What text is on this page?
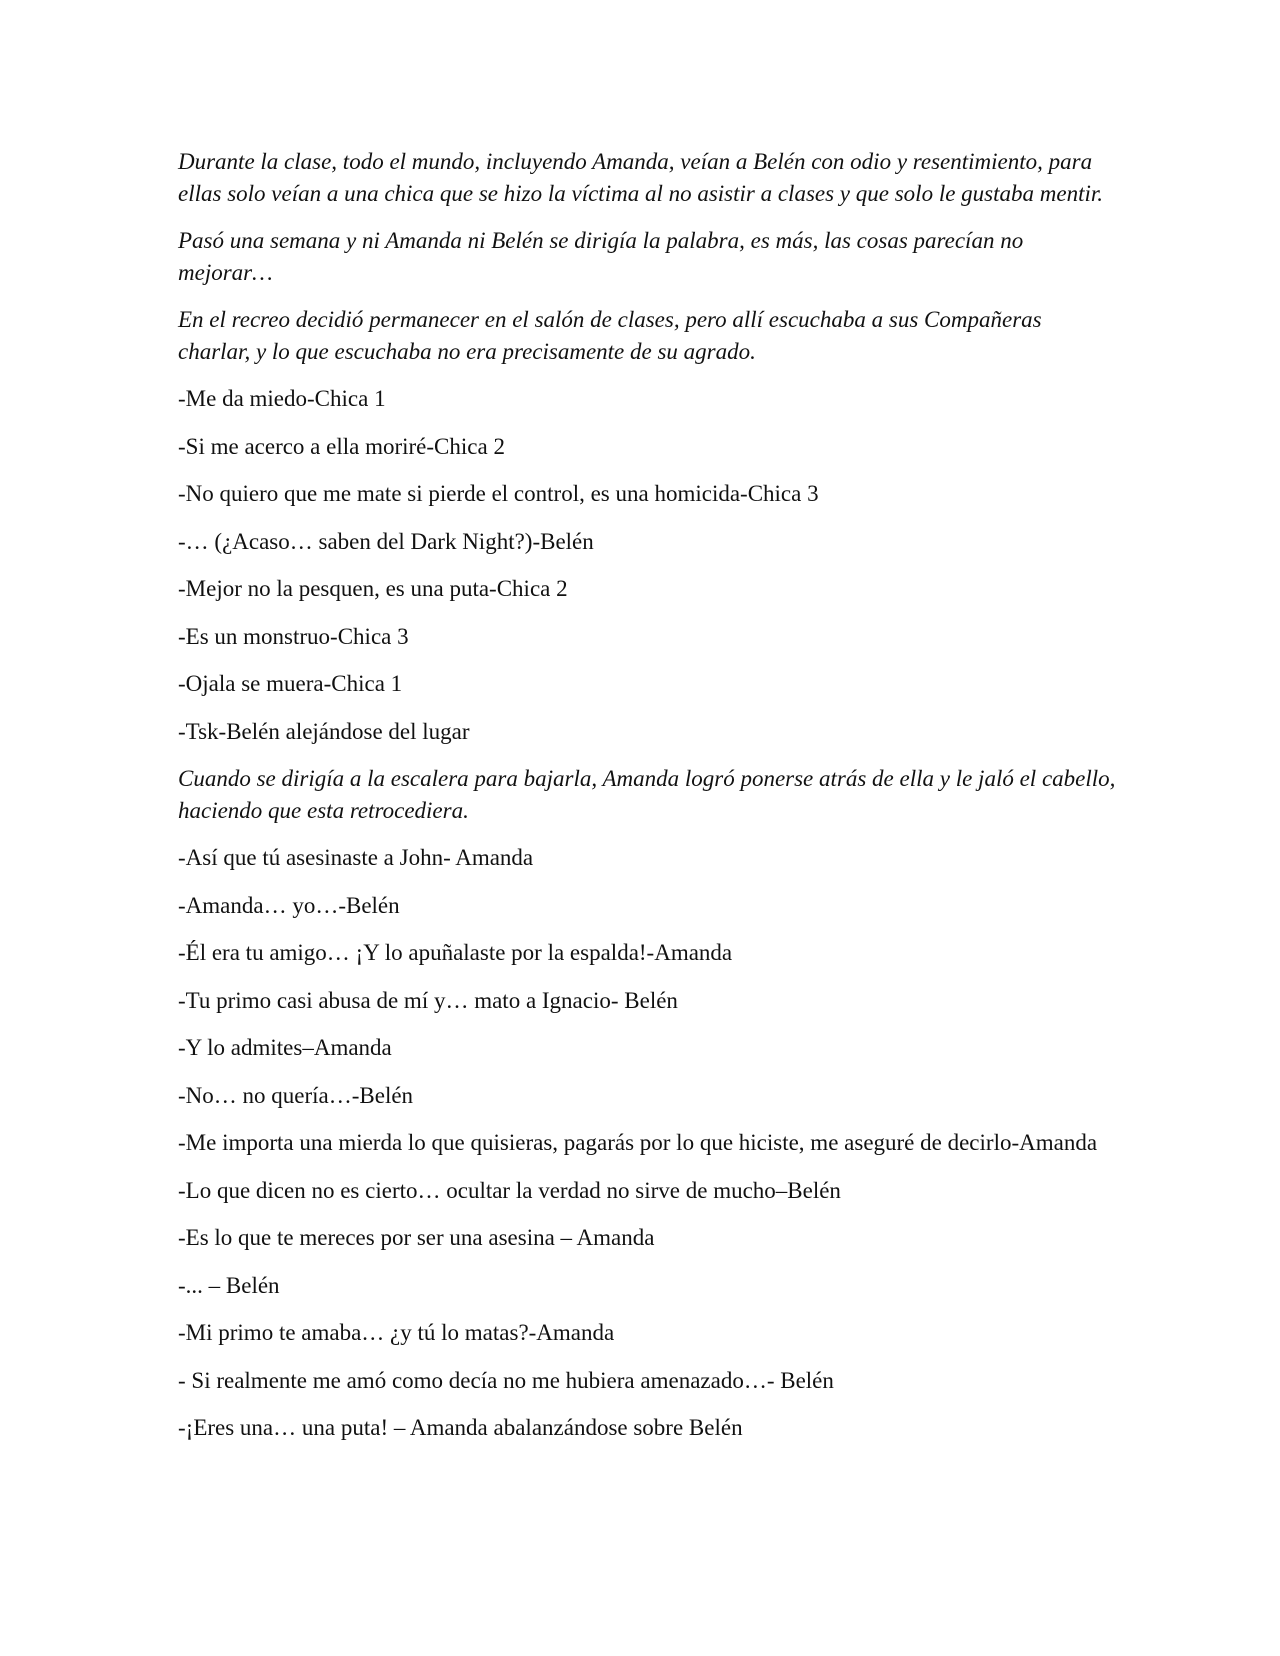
Durante la clase, todo el mundo, incluyendo Amanda, veían a Belén con odio y resentimiento, para ellas solo veían a una chica que se hizo la víctima al no asistir a clases y que solo le gustaba mentir.

Pasó una semana y ni Amanda ni Belén se dirigía la palabra, es más, las cosas parecían no mejorar…

En el recreo decidió permanecer en el salón de clases, pero allí escuchaba a sus Compañeras charlar, y lo que escuchaba no era precisamente de su agrado.

-Me da miedo-Chica 1

-Si me acerco a ella moriré-Chica 2

-No quiero que me mate si pierde el control, es una homicida-Chica 3

-… (¿Acaso… saben del Dark Night?)-Belén

-Mejor no la pesquen, es una puta-Chica 2

-Es un monstruo-Chica 3

-Ojala se muera-Chica 1

-Tsk-Belén alejándose del lugar

Cuando se dirigía a la escalera para bajarla, Amanda logró ponerse atrás de ella y le jaló el cabello, haciendo que esta retrocediera.

-Así que tú asesinaste a John- Amanda

-Amanda… yo…-Belén

-Él era tu amigo… ¡Y lo apuñalaste por la espalda!-Amanda

-Tu primo casi abusa de mí y… mato a Ignacio- Belén

-Y lo admites–Amanda

-No… no quería…-Belén

-Me importa una mierda lo que quisieras, pagarás por lo que hiciste, me aseguré de decirlo-Amanda

-Lo que dicen no es cierto… ocultar la verdad no sirve de mucho–Belén

-Es lo que te mereces por ser una asesina – Amanda

-... – Belén

-Mi primo te amaba… ¿y tú lo matas?-Amanda

- Si realmente me amó como decía no me hubiera amenazado…- Belén

-¡Eres una… una puta! – Amanda abalanzándose sobre Belén
